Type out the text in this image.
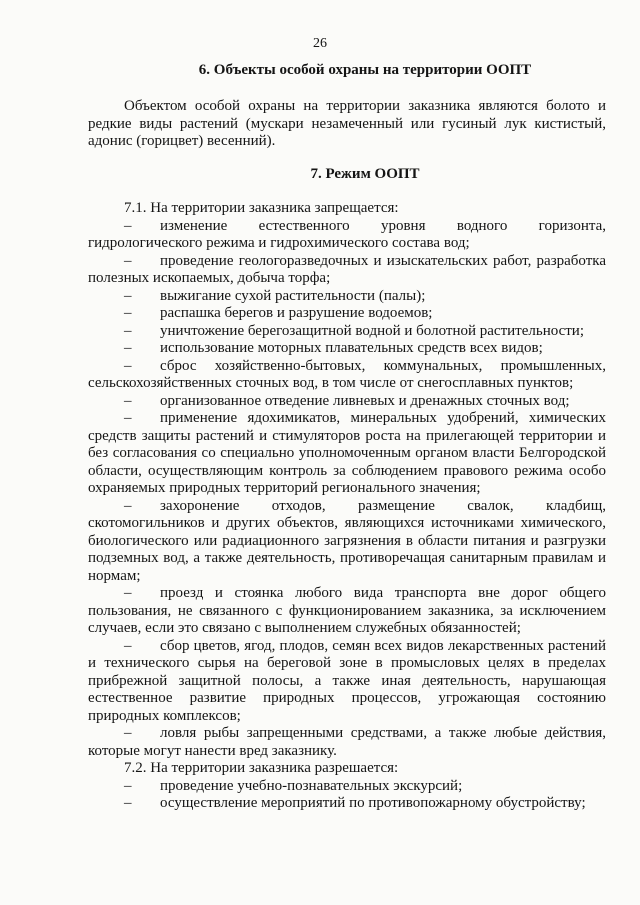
26
6. Объекты особой охраны на территории ООПТ
Объектом особой охраны на территории заказника являются болото и редкие виды растений (мускари незамеченный или гусиный лук кистистый, адонис (горицвет) весенний).
7. Режим ООПТ

7.1. На территории заказника запрещается:

– изменение естественного уровня водного горизонта, гидрологического режима и гидрохимического состава вод;

– проведение геологоразведочных и изыскательских работ, разработка полезных ископаемых, добыча торфа;

– выжигание сухой растительности (палы);

– распашка берегов и разрушение водоемов;

– уничтожение берегозащитной водной и болотной растительности;

– использование моторных плавательных средств всех видов;

– сброс хозяйственно-бытовых, коммунальных, промышленных, сельскохозяйственных сточных вод, в том числе от снегосплавных пунктов;

– организованное отведение ливневых и дренажных сточных вод;

– применение ядохимикатов, минеральных удобрений, химических средств защиты растений и стимуляторов роста на прилегающей территории и без согласования со специально уполномоченным органом власти Белгородской области, осуществляющим контроль за соблюдением правового режима особо охраняемых природных территорий регионального значения;

– захоронение отходов, размещение свалок, кладбищ, скотомогильников и других объектов, являющихся источниками химического, биологического или радиационного загрязнения в области питания и разгрузки подземных вод, а также деятельность, противоречащая санитарным правилам и нормам;

– проезд и стоянка любого вида транспорта вне дорог общего пользования, не связанного с функционированием заказника, за исключением случаев, если это связано с выполнением служебных обязанностей;

– сбор цветов, ягод, плодов, семян всех видов лекарственных растений и технического сырья на береговой зоне в промысловых целях в пределах прибрежной защитной полосы, а также иная деятельность, нарушающая естественное развитие природных процессов, угрожающая состоянию природных комплексов;

– ловля рыбы запрещенными средствами, а также любые действия, которые могут нанести вред заказнику.

7.2. На территории заказника разрешается:

– проведение учебно-познавательных экскурсий;

– осуществление мероприятий по противопожарному обустройству;
